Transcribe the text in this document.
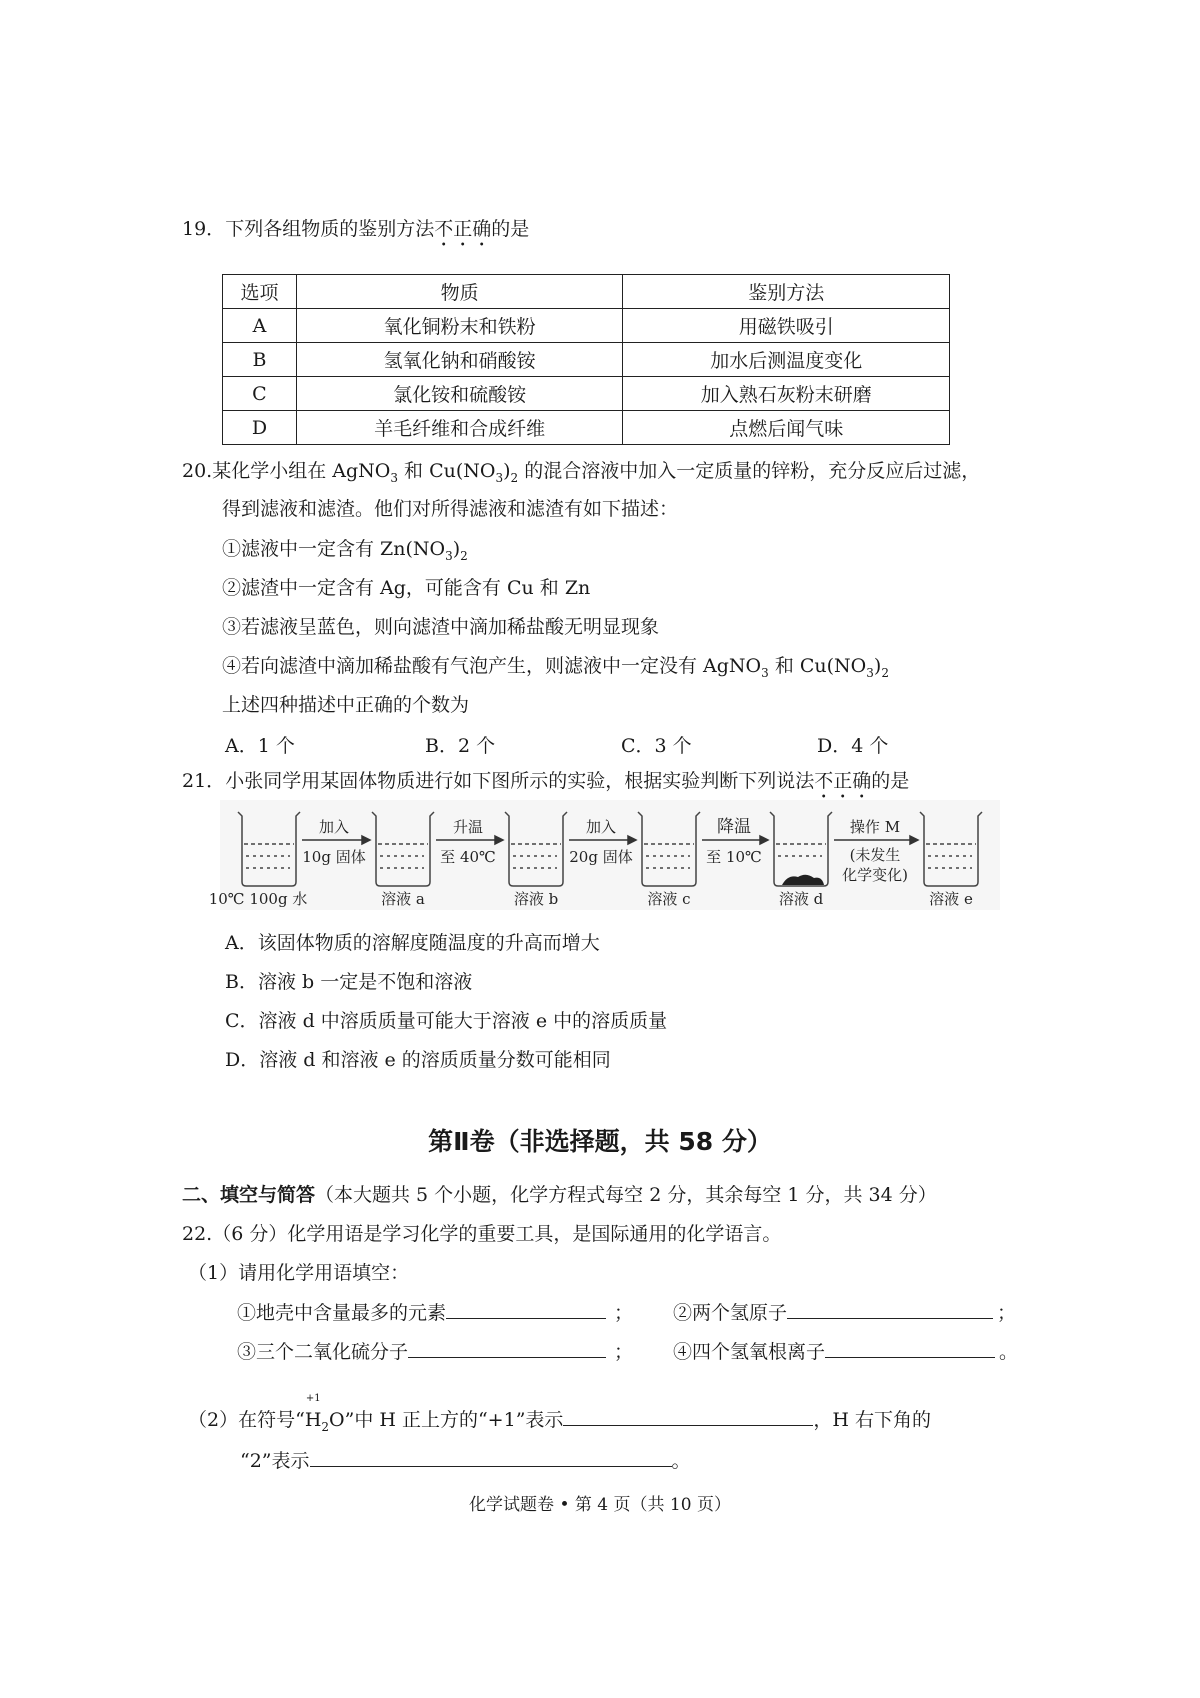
19．下列各组物质的鉴别方法不正确的是
选项	物质	鉴别方法
A	氧化铜粉末和铁粉	用磁铁吸引
B	氢氧化钠和硝酸铵	加水后测温度变化
C	氯化铵和硫酸铵	加入熟石灰粉末研磨
D	羊毛纤维和合成纤维	点燃后闻气味
20.某化学小组在 AgNO$_3$ 和 $Cu(NO_3)_2$ 的混合溶液中加入一定质量的锌粉，充分反应后过滤，
得到滤液和滤渣。他们对所得滤液和滤渣有如下描述：
①滤液中一定含有 $Zn(NO_3)_2$
②滤渣中一定含有 Ag，可能含有 Cu 和 Zn
③若滤液呈蓝色，则向滤渣中滴加稀盐酸无明显现象
④若向滤渣中滴加稀盐酸有气泡产生，则滤液中一定没有 AgNO$_3$ 和 $Cu(NO_3)_2$
上述四种描述中正确的个数为
A．1 个	B．2 个	C．3 个	D．4 个
21．小张同学用某固体物质进行如下图所示的实验，根据实验判断下列说法不正确的是
加入
10g 固体
升温
至 40℃
加入
20g 固体
降温
至 10℃
操作 M
(未发生
化学变化)
10℃ 100g 水	溶液 a	溶液 b	溶液 c	溶液 d	溶液 e
A．该固体物质的溶解度随温度的升高而增大
B．溶液 b 一定是不饱和溶液
C．溶液 d 中溶质质量可能大于溶液 e 中的溶质质量
D．溶液 d 和溶液 e 的溶质质量分数可能相同
第Ⅱ卷（非选择题，共 58 分）
二、填空与简答（本大题共 5 个小题，化学方程式每空 2 分，其余每空 1 分，共 34 分）
22.（6 分）化学用语是学习化学的重要工具，是国际通用的化学语言。
（1）请用化学用语填空：
①地壳中含量最多的元素	； ②两个氢原子	；
③三个二氧化硫分子	； ④四个氢氧根离子	。
（2）在符号“
+1
$H_2O$”中 H 正上方的“+1”表示	，H 右下角的
“2”表示	。
化学试题卷 • 第 4 页（共 10 页）
